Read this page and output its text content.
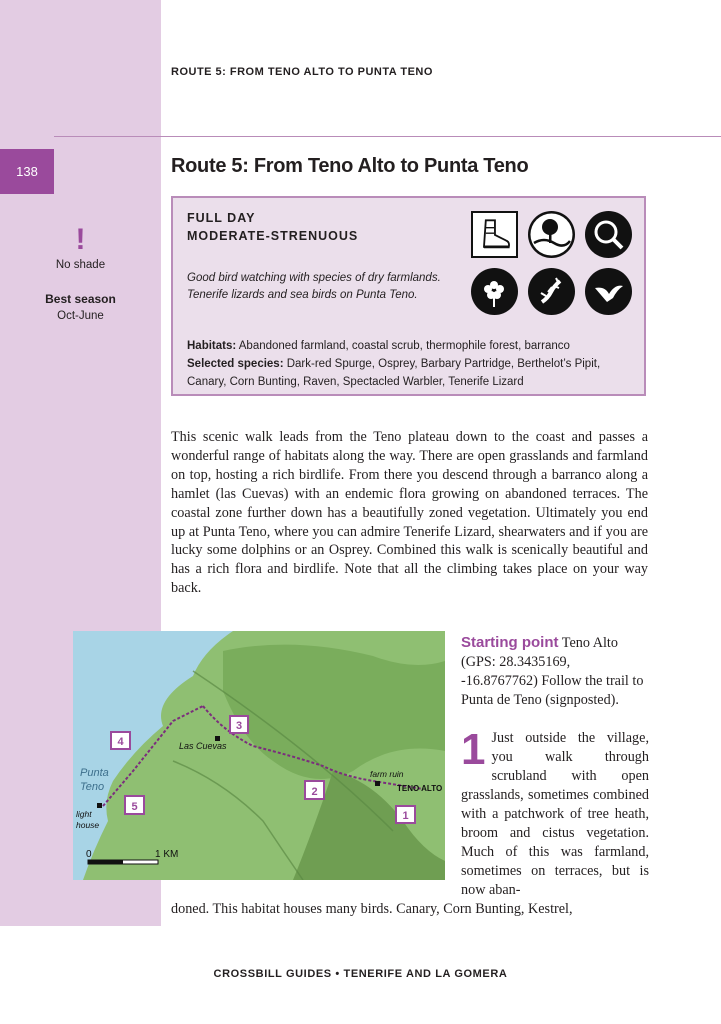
138
ROUTE 5: FROM TENO ALTO TO PUNTA TENO
Route 5: From Teno Alto to Punta Teno
!
No shade
Best season
Oct-June
FULL DAY
MODERATE-STRENUOUS
Good bird watching with species of dry farmlands.
Tenerife lizards and sea birds on Punta Teno.
Habitats: Abandoned farmland, coastal scrub, thermophile forest, barranco
Selected species: Dark-red Spurge, Osprey, Barbary Partridge, Berthelot’s Pipit, Canary, Corn Bunting, Raven, Spectacled Warbler, Tenerife Lizard
This scenic walk leads from the Teno plateau down to the coast and passes a wonderful range of habitats along the way. There are open grasslands and farmland on top, hosting a rich birdlife. From there you descend through a barranco along a hamlet (las Cuevas) with an endemic flora growing on abandoned terraces. The coastal zone further down has a beautifully zoned vegetation. Ultimately you end up at Punta Teno, where you can admire Tenerife Lizard, shearwaters and if you are lucky some dolphins or an Osprey. Combined this walk is scenically beautiful and has a rich flora and birdlife. Note that all the climbing takes place on your way back.
Punta
Teno
light
house
Las Cuevas
farm ruin
TENO ALTO
4
3
2
1
5
0	1 KM
Starting point Teno Alto (GPS: 28.3435169, -16.8767762) Follow the trail to Punta de Teno (signposted).
1 Just outside the village, you walk through scrubland with open grasslands, sometimes combined with a patchwork of tree heath, broom and cistus vegetation. Much of this was farmland, sometimes on terraces, but is now aban-
doned. This habitat houses many birds. Canary, Corn Bunting, Kestrel,
CROSSBILL GUIDES • TENERIFE AND LA GOMERA
